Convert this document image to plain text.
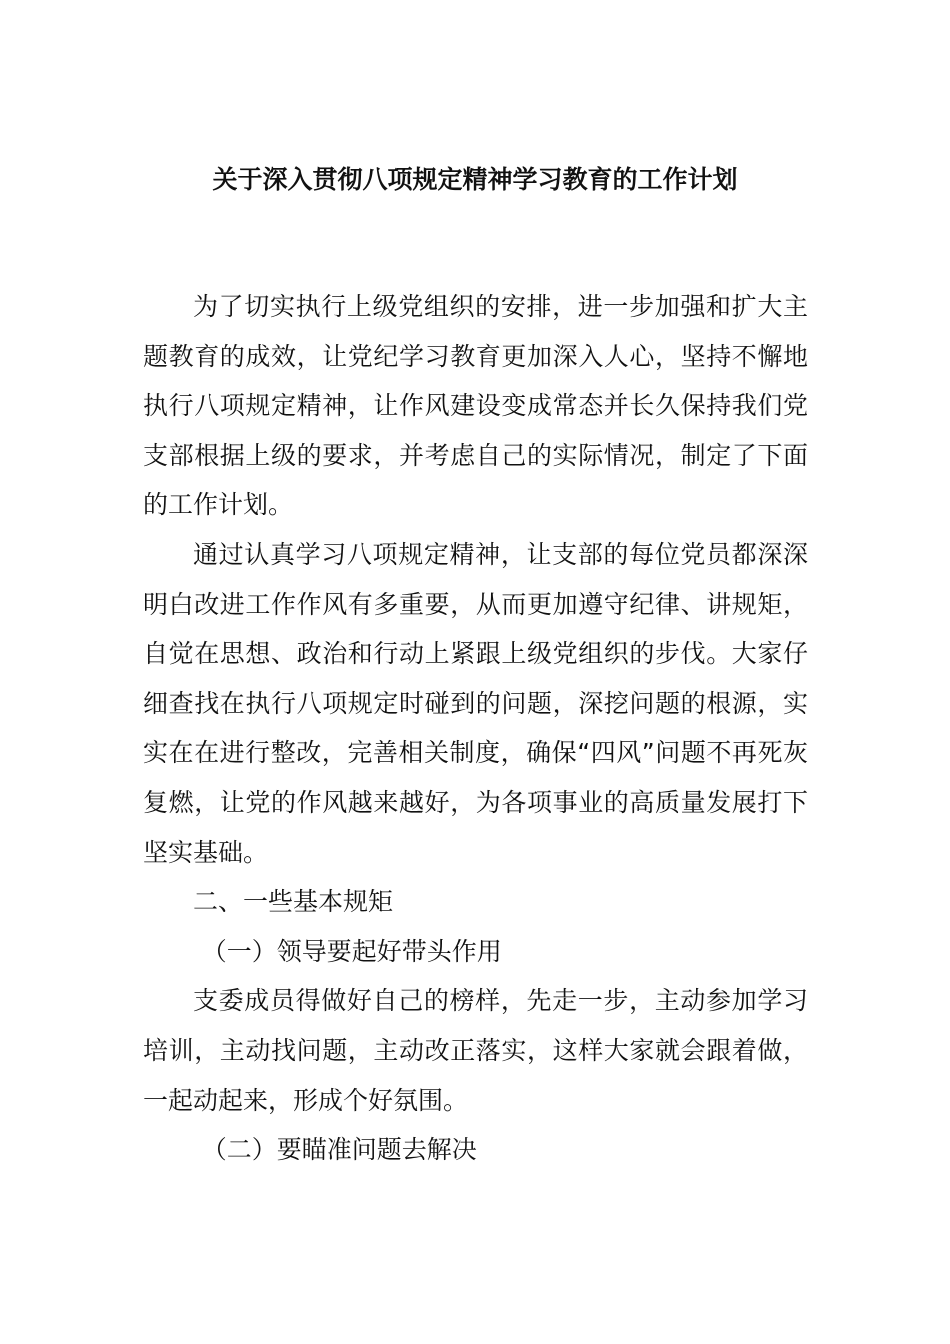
关于深入贯彻八项规定精神学习教育的工作计划

为了切实执行上级党组织的安排，进一步加强和扩大主题教育的成效，让党纪学习教育更加深入人心，坚持不懈地执行八项规定精神，让作风建设变成常态并长久保持我们党支部根据上级的要求，并考虑自己的实际情况，制定了下面的工作计划。

通过认真学习八项规定精神，让支部的每位党员都深深明白改进工作作风有多重要，从而更加遵守纪律、讲规矩，自觉在思想、政治和行动上紧跟上级党组织的步伐。大家仔细查找在执行八项规定时碰到的问题，深挖问题的根源，实实在在进行整改，完善相关制度，确保“四风”问题不再死灰复燃，让党的作风越来越好，为各项事业的高质量发展打下坚实基础。

二、一些基本规矩

（一）领导要起好带头作用

支委成员得做好自己的榜样，先走一步，主动参加学习培训，主动找问题，主动改正落实，这样大家就会跟着做，一起动起来，形成个好氛围。

（二）要瞄准问题去解决
